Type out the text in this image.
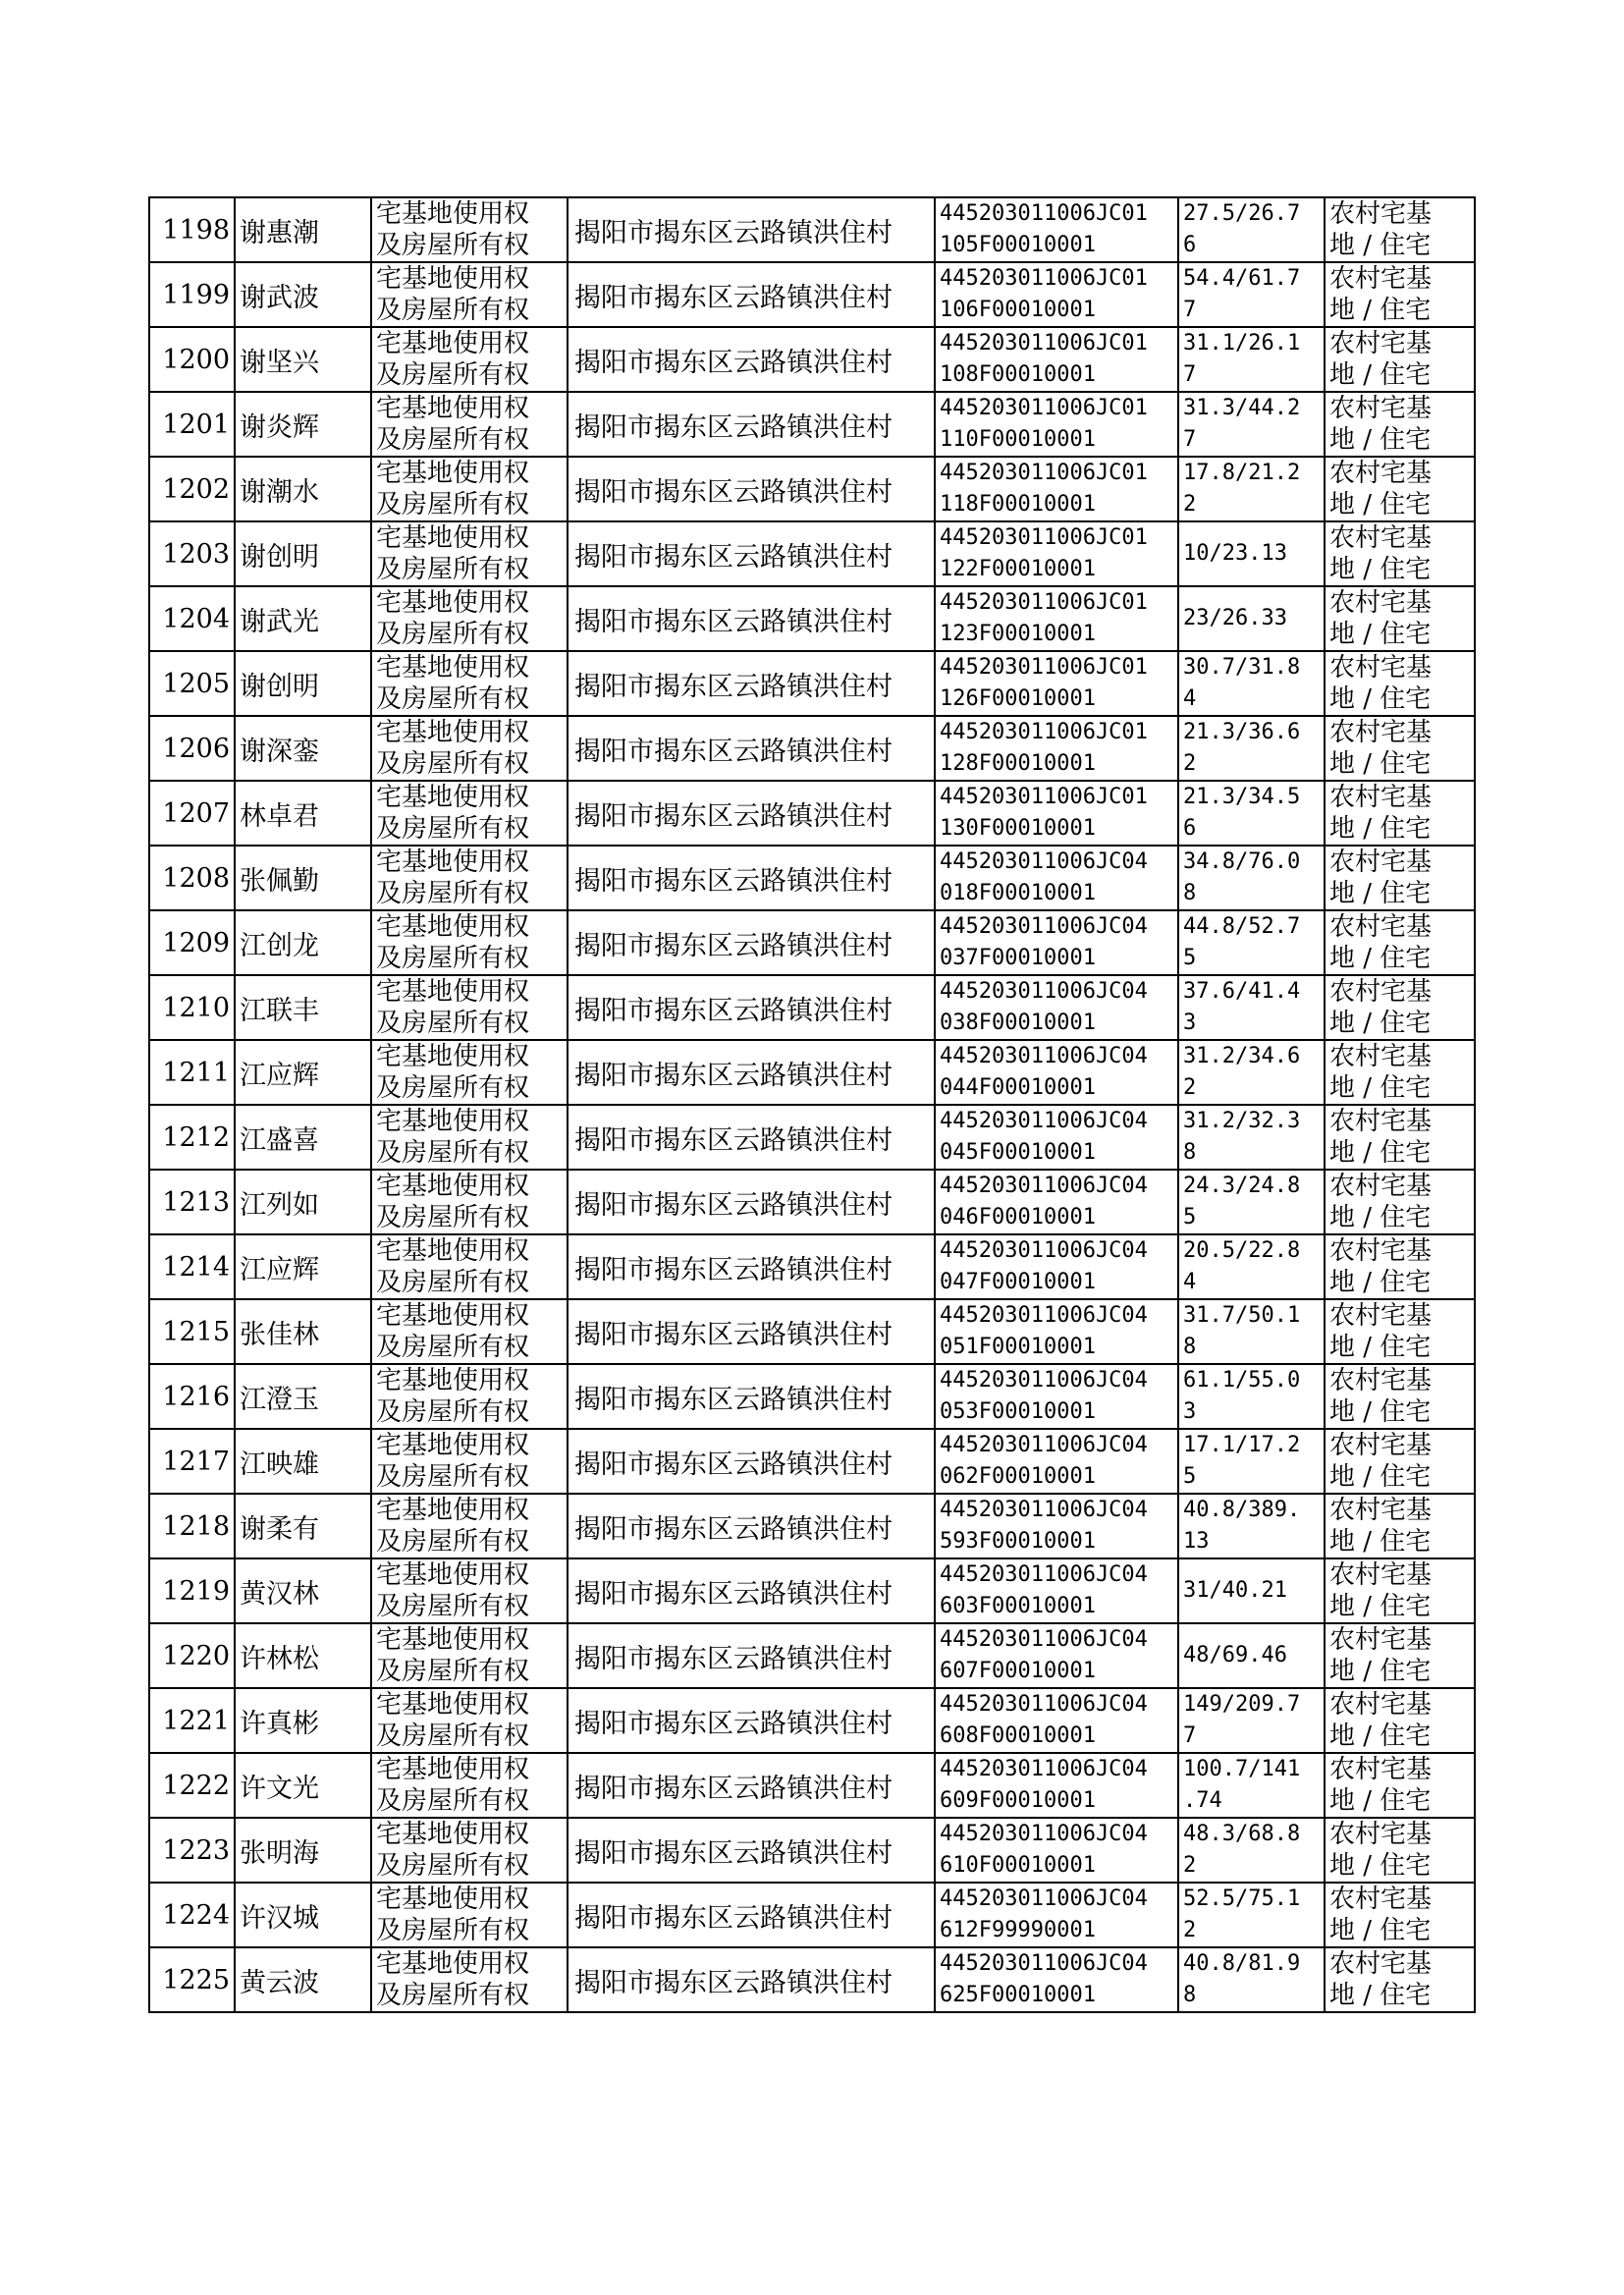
1198	谢惠潮	宅基地使用权
及房屋所有权	揭阳市揭东区云路镇洪住村	445203011006JC01
105F00010001	27.5/26.7
6	农村宅基
地 / 住宅

1199	谢武波	宅基地使用权
及房屋所有权	揭阳市揭东区云路镇洪住村	445203011006JC01
106F00010001	54.4/61.7
7	农村宅基
地 / 住宅

1200	谢坚兴	宅基地使用权
及房屋所有权	揭阳市揭东区云路镇洪住村	445203011006JC01
108F00010001	31.1/26.1
7	农村宅基
地 / 住宅

1201	谢炎辉	宅基地使用权
及房屋所有权	揭阳市揭东区云路镇洪住村	445203011006JC01
110F00010001	31.3/44.2
7	农村宅基
地 / 住宅

1202	谢潮水	宅基地使用权
及房屋所有权	揭阳市揭东区云路镇洪住村	445203011006JC01
118F00010001	17.8/21.2
2	农村宅基
地 / 住宅

1203	谢创明	宅基地使用权
及房屋所有权	揭阳市揭东区云路镇洪住村	445203011006JC01
122F00010001	10/23.13	农村宅基
地 / 住宅

1204	谢武光	宅基地使用权
及房屋所有权	揭阳市揭东区云路镇洪住村	445203011006JC01
123F00010001	23/26.33	农村宅基
地 / 住宅

1205	谢创明	宅基地使用权
及房屋所有权	揭阳市揭东区云路镇洪住村	445203011006JC01
126F00010001	30.7/31.8
4	农村宅基
地 / 住宅

1206	谢深銮	宅基地使用权
及房屋所有权	揭阳市揭东区云路镇洪住村	445203011006JC01
128F00010001	21.3/36.6
2	农村宅基
地 / 住宅

1207	林卓君	宅基地使用权
及房屋所有权	揭阳市揭东区云路镇洪住村	445203011006JC01
130F00010001	21.3/34.5
6	农村宅基
地 / 住宅

1208	张佩勤	宅基地使用权
及房屋所有权	揭阳市揭东区云路镇洪住村	445203011006JC04
018F00010001	34.8/76.0
8	农村宅基
地 / 住宅

1209	江创龙	宅基地使用权
及房屋所有权	揭阳市揭东区云路镇洪住村	445203011006JC04
037F00010001	44.8/52.7
5	农村宅基
地 / 住宅

1210	江联丰	宅基地使用权
及房屋所有权	揭阳市揭东区云路镇洪住村	445203011006JC04
038F00010001	37.6/41.4
3	农村宅基
地 / 住宅

1211	江应辉	宅基地使用权
及房屋所有权	揭阳市揭东区云路镇洪住村	445203011006JC04
044F00010001	31.2/34.6
2	农村宅基
地 / 住宅

1212	江盛喜	宅基地使用权
及房屋所有权	揭阳市揭东区云路镇洪住村	445203011006JC04
045F00010001	31.2/32.3
8	农村宅基
地 / 住宅

1213	江列如	宅基地使用权
及房屋所有权	揭阳市揭东区云路镇洪住村	445203011006JC04
046F00010001	24.3/24.8
5	农村宅基
地 / 住宅

1214	江应辉	宅基地使用权
及房屋所有权	揭阳市揭东区云路镇洪住村	445203011006JC04
047F00010001	20.5/22.8
4	农村宅基
地 / 住宅

1215	张佳林	宅基地使用权
及房屋所有权	揭阳市揭东区云路镇洪住村	445203011006JC04
051F00010001	31.7/50.1
8	农村宅基
地 / 住宅

1216	江澄玉	宅基地使用权
及房屋所有权	揭阳市揭东区云路镇洪住村	445203011006JC04
053F00010001	61.1/55.0
3	农村宅基
地 / 住宅

1217	江映雄	宅基地使用权
及房屋所有权	揭阳市揭东区云路镇洪住村	445203011006JC04
062F00010001	17.1/17.2
5	农村宅基
地 / 住宅

1218	谢柔有	宅基地使用权
及房屋所有权	揭阳市揭东区云路镇洪住村	445203011006JC04
593F00010001	40.8/389.
13	农村宅基
地 / 住宅

1219	黄汉林	宅基地使用权
及房屋所有权	揭阳市揭东区云路镇洪住村	445203011006JC04
603F00010001	31/40.21	农村宅基
地 / 住宅

1220	许林松	宅基地使用权
及房屋所有权	揭阳市揭东区云路镇洪住村	445203011006JC04
607F00010001	48/69.46	农村宅基
地 / 住宅

1221	许真彬	宅基地使用权
及房屋所有权	揭阳市揭东区云路镇洪住村	445203011006JC04
608F00010001	149/209.7
7	农村宅基
地 / 住宅

1222	许文光	宅基地使用权
及房屋所有权	揭阳市揭东区云路镇洪住村	445203011006JC04
609F00010001	100.7/141
.74	农村宅基
地 / 住宅

1223	张明海	宅基地使用权
及房屋所有权	揭阳市揭东区云路镇洪住村	445203011006JC04
610F00010001	48.3/68.8
2	农村宅基
地 / 住宅

1224	许汉城	宅基地使用权
及房屋所有权	揭阳市揭东区云路镇洪住村	445203011006JC04
612F99990001	52.5/75.1
2	农村宅基
地 / 住宅

1225	黄云波	宅基地使用权
及房屋所有权	揭阳市揭东区云路镇洪住村	445203011006JC04
625F00010001	40.8/81.9
8	农村宅基
地 / 住宅
